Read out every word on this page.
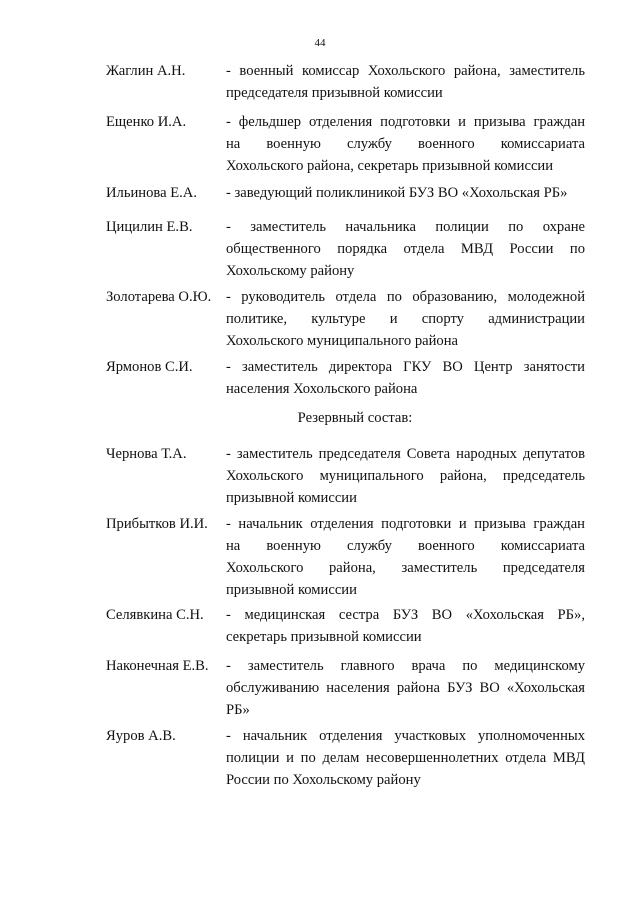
44
Жаглин А.Н.	- военный комиссар Хохольского района, заместитель
председателя призывной комиссии
Ещенко И.А.	- фельдшер отделения подготовки и призыва граждан
на военную службу военного комиссариата
Хохольского района, секретарь призывной комиссии
Ильинова Е.А. - заведующий поликлиникой БУЗ ВО «Хохольская РБ»
Цицилин Е.В. - заместитель начальника полиции по охране
общественного порядка отдела МВД России по
Хохольскому району
Золотарева О.Ю. - руководитель отдела по образованию, молодежной
политике, культуре и спорту администрации
Хохольского муниципального района
Ярмонов С.И. - заместитель директора ГКУ ВО Центр занятости
населения Хохольского района
Резервный состав:
Чернова Т.А.	- заместитель председателя Совета народных депутатов
Хохольского муниципального района, председатель
призывной комиссии
Прибытков И.И. - начальник отделения подготовки и призыва граждан
на военную службу военного комиссариата
Хохольского района, заместитель председателя
призывной комиссии
Селявкина С.Н. - медицинская сестра БУЗ ВО «Хохольская РБ»,
секретарь призывной комиссии
Наконечная Е.В. - заместитель главного врача по медицинскому
обслуживанию населения района БУЗ ВО «Хохольская
РБ»
Яуров А.В.	- начальник отделения участковых уполномоченных
полиции и по делам несовершеннолетних отдела МВД
России по Хохольскому району
